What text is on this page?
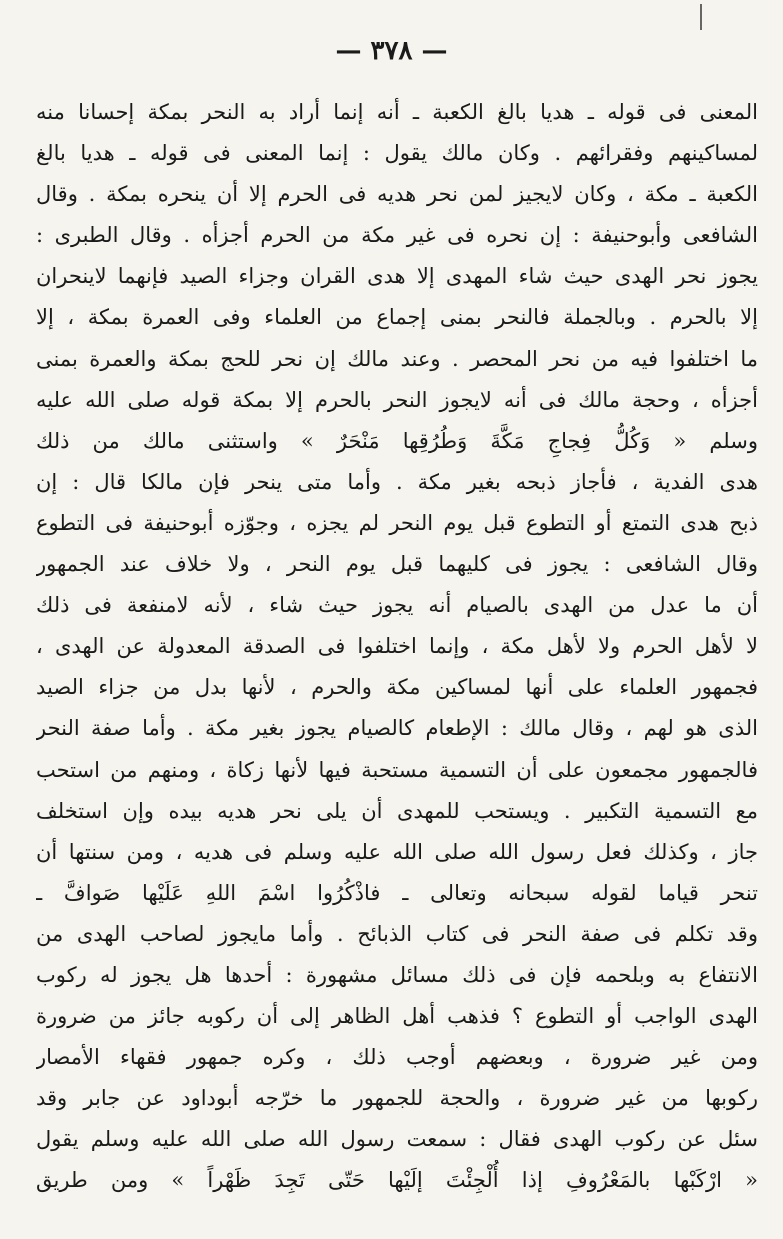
— ٣٧٨ —
المعنى فى قوله ـ هديا بالغ الكعبة ـ أنه إنما أراد به النحر بمكة إحسانا منه
لمساكينهم وفقرائهم . وكان مالك يقول : إنما المعنى فى قوله ـ هديا بالغ
الكعبة ـ مكة ، وكان لايجيز لمن نحر هديه فى الحرم إلا أن ينحره بمكة . وقال
الشافعى وأبوحنيفة : إن نحره فى غير مكة من الحرم أجزأه . وقال الطبرى :
يجوز نحر الهدى حيث شاء المهدى إلا هدى القران وجزاء الصيد فإنهما لاينحران
إلا بالحرم . وبالجملة فالنحر بمنى إجماع من العلماء وفى العمرة بمكة ، إلا
ما اختلفوا فيه من نحر المحصر . وعند مالك إن نحر للحج بمكة والعمرة بمنى
أجزأه ، وحجة مالك فى أنه لايجوز النحر بالحرم إلا بمكة قوله صلى الله عليه
وسلم « وَكُلُّ فِجاجِ مَكَّةَ وَطُرُقِها مَنْحَرٌ » واستثنى مالك من ذلك
هدى الفدية ، فأجاز ذبحه بغير مكة . وأما متى ينحر فإن مالكا قال : إن
ذبح هدى التمتع أو التطوع قبل يوم النحر لم يجزه ، وجوّزه أبوحنيفة فى التطوع
وقال الشافعى : يجوز فى كليهما قبل يوم النحر ، ولا خلاف عند الجمهور
أن ما عدل من الهدى بالصيام أنه يجوز حيث شاء ، لأنه لامنفعة فى ذلك
لا لأهل الحرم ولا لأهل مكة ، وإنما اختلفوا فى الصدقة المعدولة عن الهدى ،
فجمهور العلماء على أنها لمساكين مكة والحرم ، لأنها بدل من جزاء الصيد
الذى هو لهم ، وقال مالك : الإطعام كالصيام يجوز بغير مكة . وأما صفة النحر
فالجمهور مجمعون على أن التسمية مستحبة فيها لأنها زكاة ، ومنهم من استحب
مع التسمية التكبير . ويستحب للمهدى أن يلى نحر هديه بيده وإن استخلف
جاز ، وكذلك فعل رسول الله صلى الله عليه وسلم فى هديه ، ومن سنتها أن
تنحر قياما لقوله سبحانه وتعالى ـ فاذْكُرُوا اسْمَ اللهِ عَلَيْها صَوافَّ ـ
وقد تكلم فى صفة النحر فى كتاب الذبائح . وأما مايجوز لصاحب الهدى من
الانتفاع به وبلحمه فإن فى ذلك مسائل مشهورة : أحدها هل يجوز له ركوب
الهدى الواجب أو التطوع ؟ فذهب أهل الظاهر إلى أن ركوبه جائز من ضرورة
ومن غير ضرورة ، وبعضهم أوجب ذلك ، وكره جمهور فقهاء الأمصار
ركوبها من غير ضرورة ، والحجة للجمهور ما خرّجه أبوداود عن جابر وقد
سئل عن ركوب الهدى فقال : سمعت رسول الله صلى الله عليه وسلم يقول
« ارْكَبْها بالمَعْرُوفِ إذا أُلْجِئْتَ إلَيْها حَتّى تَجِدَ ظَهْراً » ومن طريق
